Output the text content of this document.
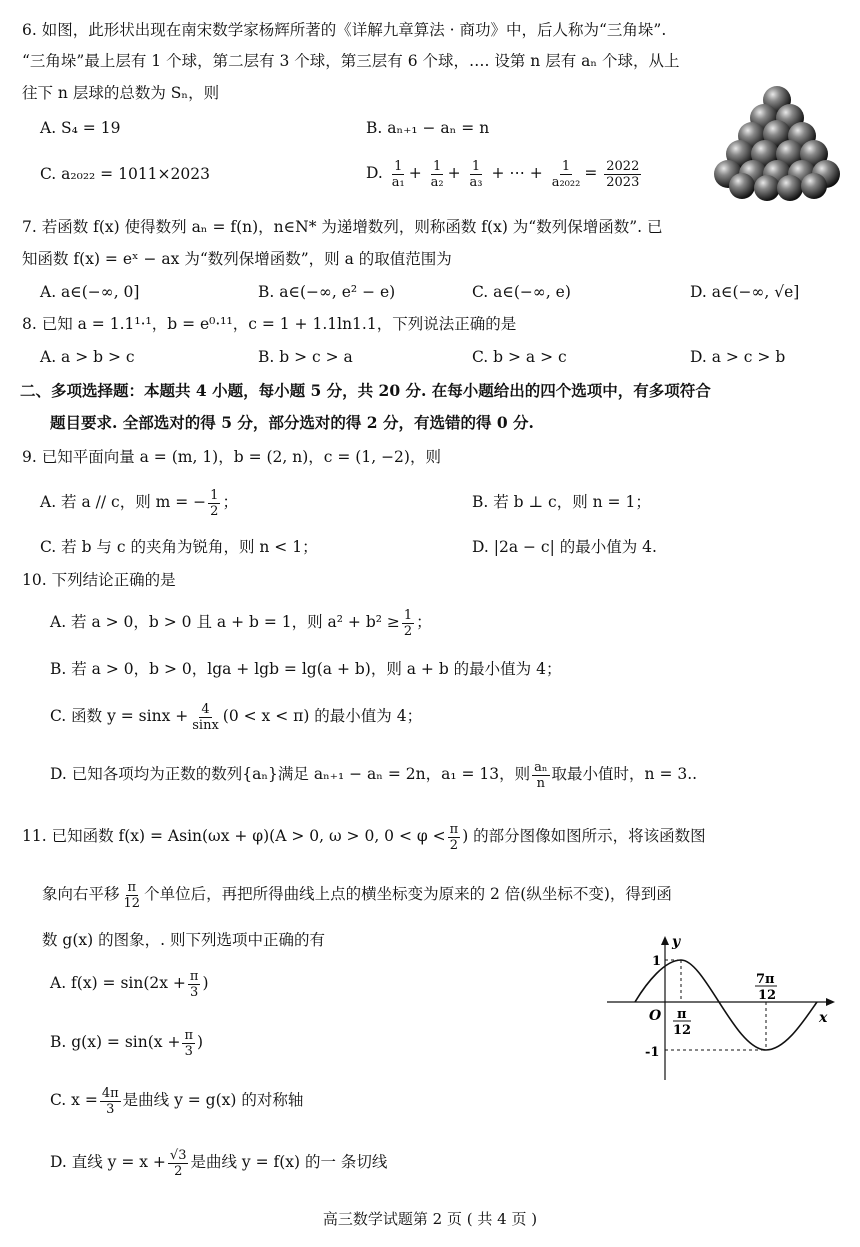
6. 如图，此形状出现在南宋数学家杨辉所著的《详解九章算法 · 商功》中，后人称为“三角垛”.
“三角垛”最上层有 1 个球，第二层有 3 个球，第三层有 6 个球，…. 设第 n 层有 aₙ 个球，从上
往下 n 层球的总数为 Sₙ，则
A. S₄ = 19	B. aₙ₊₁ − aₙ = n
C. a₂₀₂₂ = 1011×2023	D. $\frac{1}{\text{a₁}} + \frac{1}{\text{a₂}} + \frac{1}{\text{a₃}}$ + ⋯ + $\frac{1}{\text{a₂₀₂₂}} = \frac{2022}{2023}$
7. 若函数 f(x) 使得数列 aₙ = f(n)，n∈N* 为递增数列，则称函数 f(x) 为“数列保增函数”. 已
知函数 f(x) = eˣ − ax 为“数列保增函数”，则 a 的取值范围为
A. a∈(−∞, 0]	B. a∈(−∞, e² − e)	C. a∈(−∞, e)	D. a∈(−∞, √e]
8. 已知 a = 1.1¹·¹，b = e⁰·¹¹，c = 1 + 1.1ln1.1，下列说法正确的是
A. a > b > c	B. b > c > a	C. b > a > c	D. a > c > b
二、多项选择题：本题共 4 小题，每小题 5 分，共 20 分. 在每小题给出的四个选项中，有多项符合
题目要求. 全部选对的得 5 分，部分选对的得 2 分，有选错的得 0 分.
9. 已知平面向量 a = (m, 1)，b = (2, n)，c = (1, −2)，则
A. 若 a // c，则 m = − $\frac{1}{2}$ ；	B. 若 b ⊥ c，则 n = 1；
C. 若 b 与 c 的夹角为锐角，则 n < 1；	D. |2a − c| 的最小值为 4.
10. 下列结论正确的是
A. 若 a > 0，b > 0 且 a + b = 1，则 $a^2 + b^2 \ge \frac{1}{2}$ ；
B. 若 a > 0，b > 0，lga + lgb = lg(a + b)，则 a + b 的最小值为 4；
C. 函数 $y = \sin x + \frac{4}{\sin x} (0 < x < \pi)$ 的最小值为 4；
D. 已知各项均为正数的数列{aₙ}满足 aₙ₊₁ − aₙ = 2n，a₁ = 13，则 $\frac{\text{aₙ}}{n}$ 取最小值时，n = 3..
11. 已知函数 f(x) = Asin(ωx + φ)(A > 0, ω > 0, $0 < \varphi < \frac{\pi}{2}$ ) 的部分图像如图所示，将该函数图
象向右平移 $\frac{\pi}{12}$ 个单位后，再把所得曲线上点的横坐标变为原来的 2 倍(纵坐标不变)，得到函
数 g(x) 的图象，. 则下列选项中正确的有
A. $f(x) = \sin(2x + \frac{\pi}{3}$ )
B. $g(x) = \sin(x + \frac{\pi}{3}$ )
C. $x = \frac{4\pi}{3}$ 是曲线 y = g(x) 的对称轴
D. 直线 $y = x + \frac{√3}{2}$ 是曲线 y = f(x) 的一 条切线
y
x
O
1
-1
π
12
7π
12
高三数学试题第 2 页 ( 共 4 页 )
